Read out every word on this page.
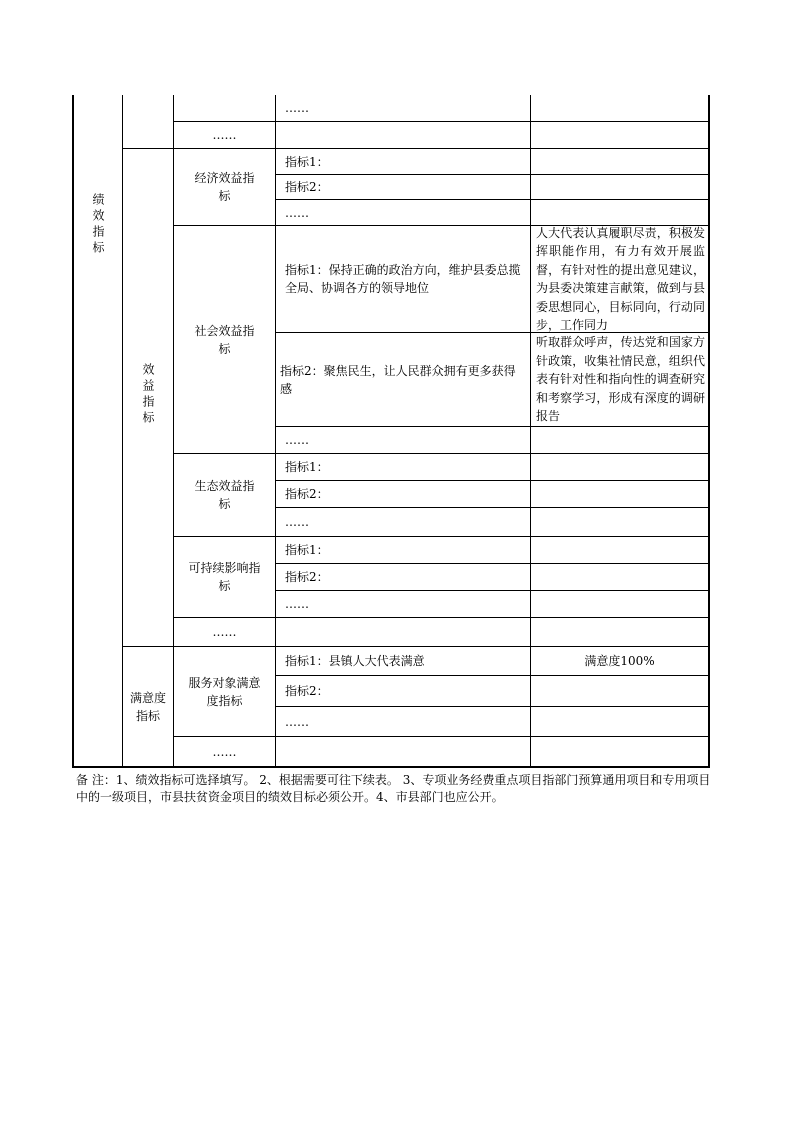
绩效指标
效益指标
满意度指标
……
经济效益指标
社会效益指标
生态效益指标
可持续影响指标
……
服务对象满意度指标
……
……
指标1：
指标2：
……
指标1：保持正确的政治方向，维护县委总揽全局、协调各方的领导地位
指标2：聚焦民生，让人民群众拥有更多获得感
……
指标1：
指标2：
……
指标1：
指标2：
……
指标1：县镇人大代表满意
指标2：
……
人大代表认真履职尽责，积极发挥职能作用，有力有效开展监督，有针对性的提出意见建议，为县委决策建言献策，做到与县委思想同心，目标同向，行动同步，工作同力
听取群众呼声，传达党和国家方针政策，收集社情民意，组织代表有针对性和指向性的调查研究和考察学习，形成有深度的调研报告
满意度100%
备 注：1、绩效指标可选择填写。 2、根据需要可往下续表。 3、专项业务经费重点项目指部门预算通用项目和专用项目中的一级项目，市县扶贫资金项目的绩效目标必须公开。4、市县部门也应公开。
